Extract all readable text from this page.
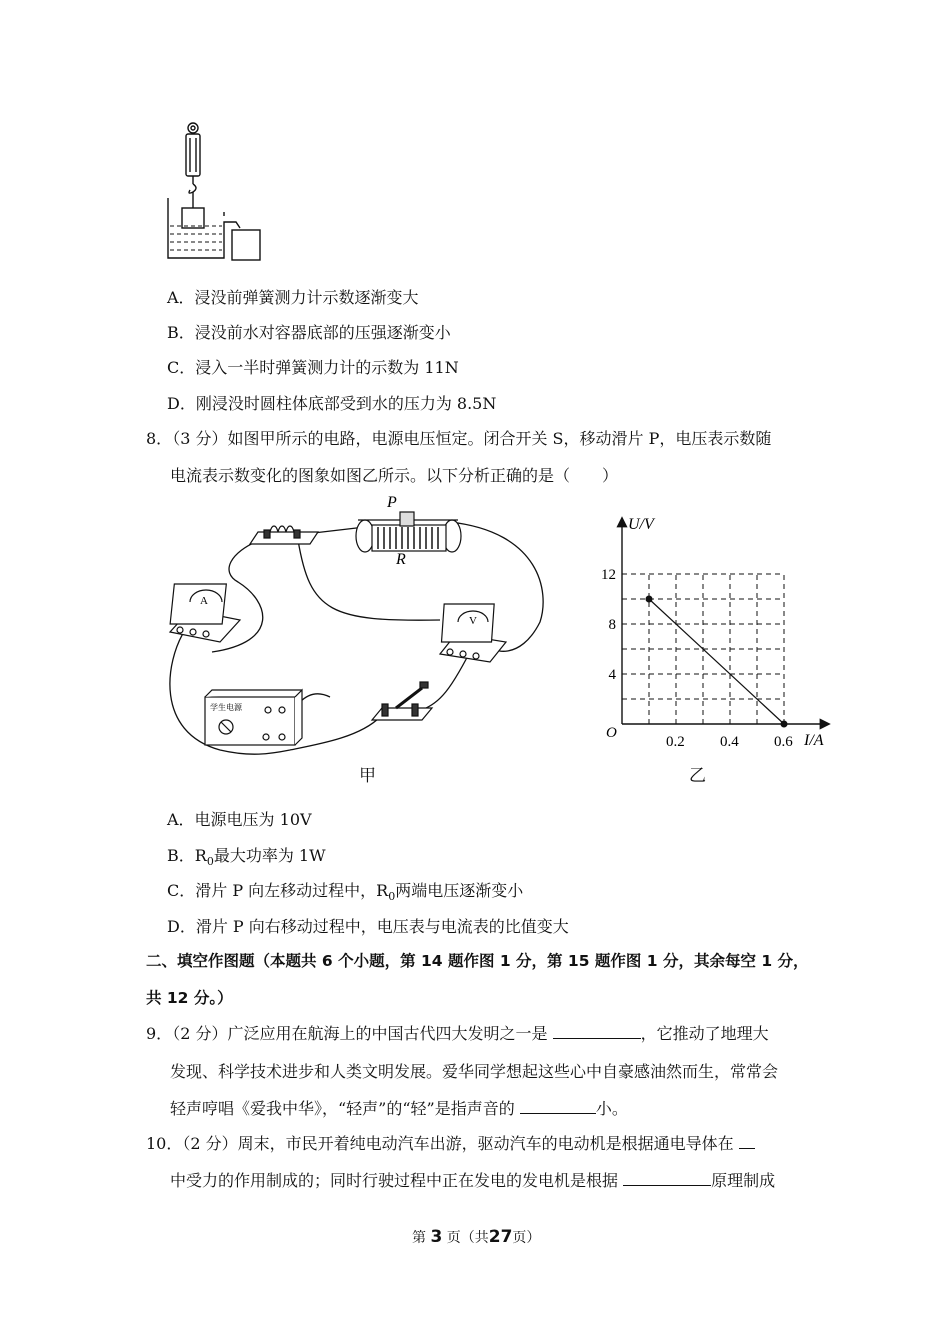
A．浸没前弹簧测力计示数逐渐变大
B．浸没前水对容器底部的压强逐渐变小
C．浸入一半时弹簧测力计的示数为 11N
D．刚浸没时圆柱体底部受到水的压力为 8.5N
8．（3 分）如图甲所示的电路，电源电压恒定。闭合开关 S，移动滑片 P，电压表示数随
电流表示数变化的图象如图乙所示。以下分析正确的是（　　）
P
R
A
V
学生电源
甲
U/V
I/A
O
0.2 0.4 0.6
4
8
12
乙
A．电源电压为 10V
B．$R_0$最大功率为 1W
C．滑片 P 向左移动过程中，$R_0$两端电压逐渐变小
D．滑片 P 向右移动过程中，电压表与电流表的比值变大
二、填空作图题（本题共 6 个小题，第 14 题作图 1 分，第 15 题作图 1 分，其余每空 1 分，
共 12 分。）
9．（2 分）广泛应用在航海上的中国古代四大发明之一是	，它推动了地理大
发现、科学技术进步和人类文明发展。爱华同学想起这些心中自豪感油然而生，常常会
轻声哼唱《爱我中华》，“轻声”的“轻”是指声音的	小。
10．（2 分）周末，市民开着纯电动汽车出游，驱动汽车的电动机是根据通电导体在
中受力的作用制成的；同时行驶过程中正在发电的发电机是根据	原理制成
第 3 页（共27页）
